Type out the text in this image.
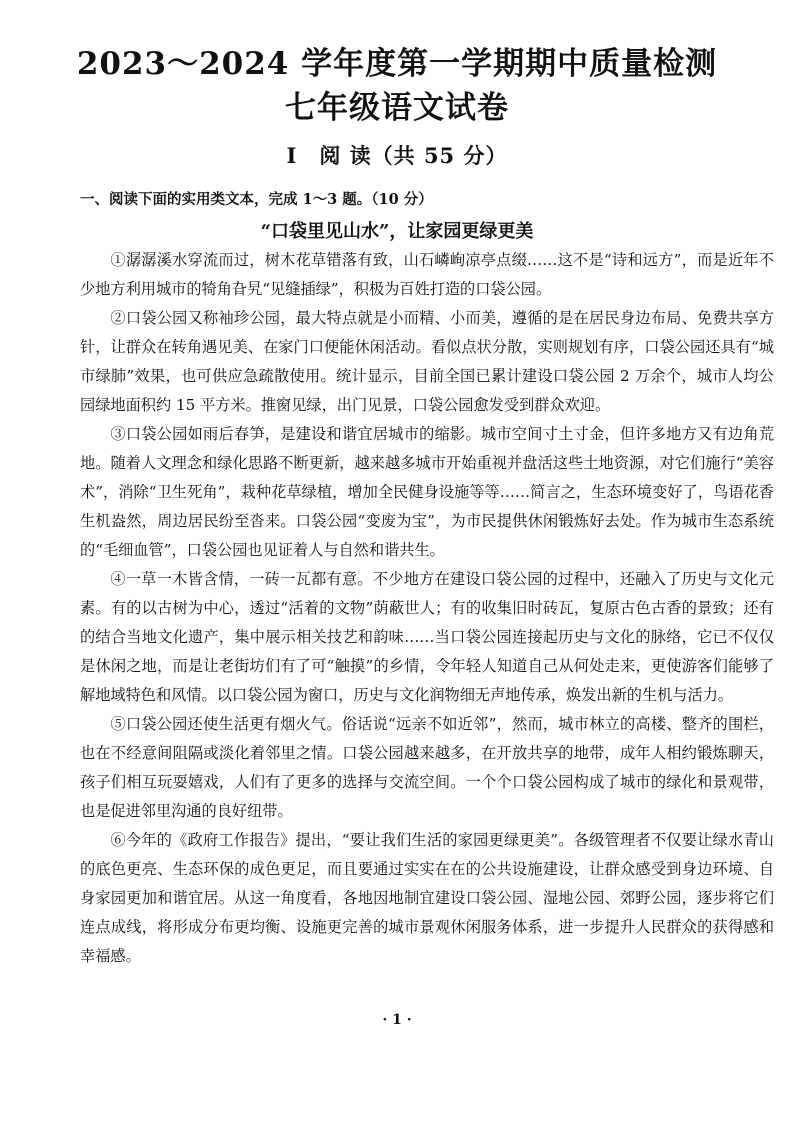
2023～2024 学年度第一学期期中质量检测
七年级语文试卷
Ⅰ 阅 读（共 55 分）
一、阅读下面的实用类文本，完成 1～3 题。（10 分）
“口袋里见山水”，让家园更绿更美

①潺潺溪水穿流而过，树木花草错落有致，山石嶙峋凉亭点缀……这不是“诗和远方”，而是近年不少地方利用城市的犄角旮旯“见缝插绿”，积极为百姓打造的口袋公园。

②口袋公园又称袖珍公园，最大特点就是小而精、小而美，遵循的是在居民身边布局、免费共享方针，让群众在转角遇见美、在家门口便能休闲活动。看似点状分散，实则规划有序，口袋公园还具有“城市绿肺”效果，也可供应急疏散使用。统计显示，目前全国已累计建设口袋公园 2 万余个，城市人均公园绿地面积约 15 平方米。推窗见绿，出门见景，口袋公园愈发受到群众欢迎。

③口袋公园如雨后春笋，是建设和谐宜居城市的缩影。城市空间寸土寸金，但许多地方又有边角荒地。随着人文理念和绿化思路不断更新，越来越多城市开始重视并盘活这些土地资源，对它们施行“美容术”，消除“卫生死角”，栽种花草绿植，增加全民健身设施等等……简言之，生态环境变好了，鸟语花香生机盎然，周边居民纷至沓来。口袋公园“变废为宝”，为市民提供休闲锻炼好去处。作为城市生态系统的“毛细血管”，口袋公园也见证着人与自然和谐共生。

④一草一木皆含情，一砖一瓦都有意。不少地方在建设口袋公园的过程中，还融入了历史与文化元素。有的以古树为中心，透过“活着的文物”荫蔽世人；有的收集旧时砖瓦，复原古色古香的景致；还有的结合当地文化遗产，集中展示相关技艺和韵味……当口袋公园连接起历史与文化的脉络，它已不仅仅是休闲之地，而是让老街坊们有了可“触摸”的乡情，令年轻人知道自己从何处走来，更使游客们能够了解地域特色和风情。以口袋公园为窗口，历史与文化润物细无声地传承，焕发出新的生机与活力。

⑤口袋公园还使生活更有烟火气。俗话说“远亲不如近邻”，然而，城市林立的高楼、整齐的围栏，也在不经意间阻隔或淡化着邻里之情。口袋公园越来越多，在开放共享的地带，成年人相约锻炼聊天，孩子们相互玩耍嬉戏，人们有了更多的选择与交流空间。一个个口袋公园构成了城市的绿化和景观带，也是促进邻里沟通的良好纽带。

⑥今年的《政府工作报告》提出，“要让我们生活的家园更绿更美”。各级管理者不仅要让绿水青山的底色更亮、生态环保的成色更足，而且要通过实实在在的公共设施建设，让群众感受到身边环境、自身家园更加和谐宜居。从这一角度看，各地因地制宜建设口袋公园、湿地公园、郊野公园，逐步将它们连点成线，将形成分布更均衡、设施更完善的城市景观休闲服务体系，进一步提升人民群众的获得感和幸福感。

· 1 ·
